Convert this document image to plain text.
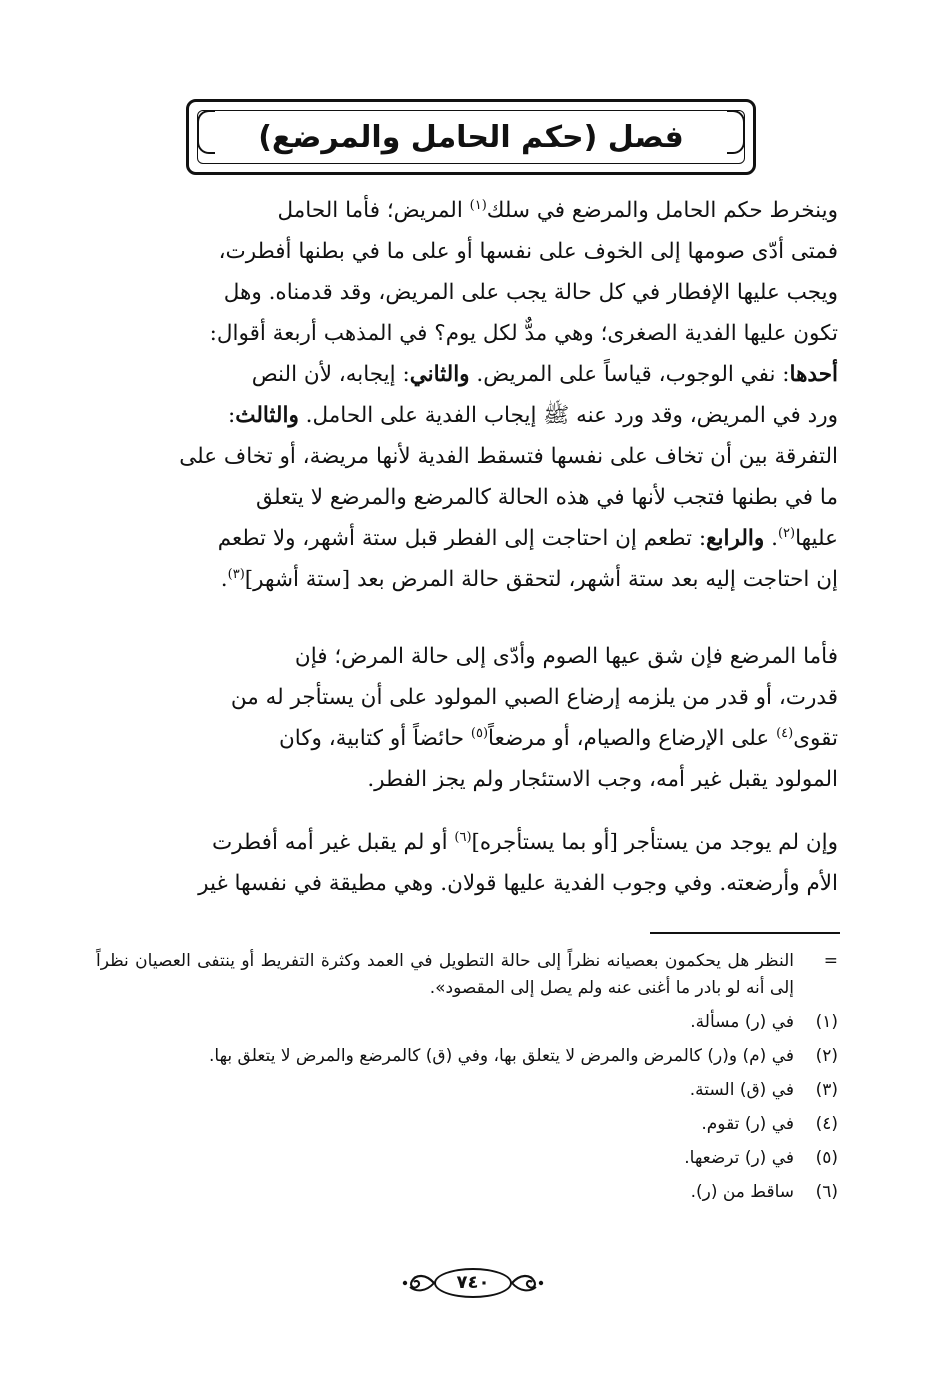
فصل (حكم الحامل والمرضع)
وينخرط حكم الحامل والمرضع في سلك$^{(١)}$ المريض؛ فأما الحامل
فمتى أدّى صومها إلى الخوف على نفسها أو على ما في بطنها أفطرت،
ويجب عليها الإفطار في كل حالة يجب على المريض، وقد قدمناه. وهل
تكون عليها الفدية الصغرى؛ وهي مدٌّ لكل يوم؟ في المذهب أربعة أقوال:
أحدها: نفي الوجوب، قياساً على المريض. والثاني: إيجابه، لأن النص
ورد في المريض، وقد ورد عنه ﷺ إيجاب الفدية على الحامل. والثالث:
التفرقة بين أن تخاف على نفسها فتسقط الفدية لأنها مريضة، أو تخاف على
ما في بطنها فتجب لأنها في هذه الحالة كالمرضع والمرضع لا يتعلق
عليها$^{(٢)}$. والرابع: تطعم إن احتاجت إلى الفطر قبل ستة أشهر، ولا تطعم
إن احتاجت إليه بعد ستة أشهر، لتحقق حالة المرض بعد [ستة أشهر]$^{(٣)}$.
فأما المرضع فإن شق عيها الصوم وأدّى إلى حالة المرض؛ فإن
قدرت، أو قدر من يلزمه إرضاع الصبي المولود على أن يستأجر له من
تقوى$^{(٤)}$ على الإرضاع والصيام، أو مرضعاً$^{(٥)}$ حائضاً أو كتابية، وكان
المولود يقبل غير أمه، وجب الاستئجار ولم يجز الفطر.
وإن لم يوجد من يستأجر [أو بما يستأجره]$^{(٦)}$ أو لم يقبل غير أمه أفطرت
الأم وأرضعته. وفي وجوب الفدية عليها قولان. وهي مطيقة في نفسها غير
=
النظر هل يحكمون بعصيانه نظراً إلى حالة التطويل في العمد وكثرة التفريط أو ينتفى العصيان نظراً إلى أنه لو بادر ما أغنى عنه ولم يصل إلى المقصود».
(١)
في (ر) مسألة.
(٢)
في (م) و(ر) كالمرض والمرض لا يتعلق بها، وفي (ق) كالمرضع والمرض لا يتعلق بها.
(٣)
في (ق) الستة.
(٤)
في (ر) تقوم.
(٥)
في (ر) ترضعها.
(٦)
ساقط من (ر).
٧٤٠
